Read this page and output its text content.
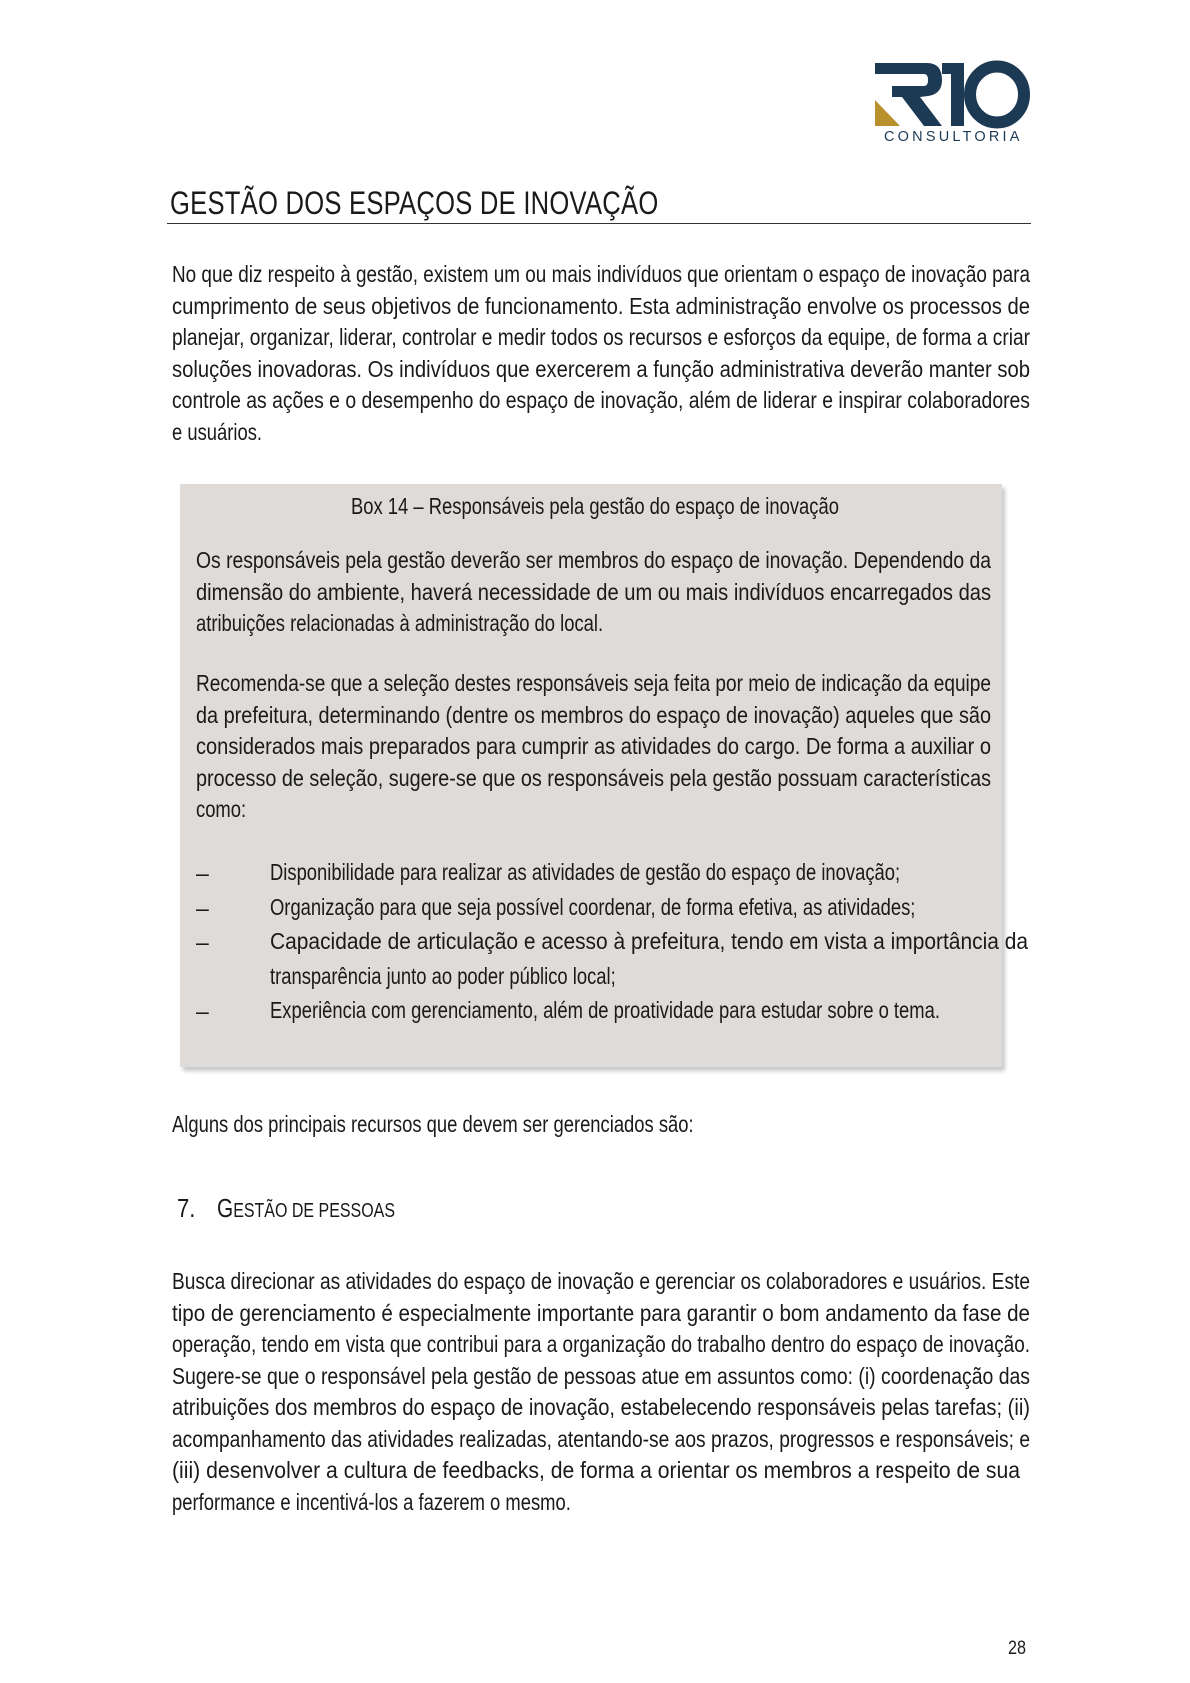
CONSULTORIA
GESTÃO DOS ESPAÇOS DE INOVAÇÃO
No que diz respeito à gestão, existem um ou mais indivíduos que orientam o espaço de inovação para
cumprimento de seus objetivos de funcionamento. Esta administração envolve os processos de
planejar, organizar, liderar, controlar e medir todos os recursos e esforços da equipe, de forma a criar
soluções inovadoras. Os indivíduos que exercerem a função administrativa deverão manter sob
controle as ações e o desempenho do espaço de inovação, além de liderar e inspirar colaboradores
e usuários.
Box 14 – Responsáveis pela gestão do espaço de inovação
Os responsáveis pela gestão deverão ser membros do espaço de inovação. Dependendo da
dimensão do ambiente, haverá necessidade de um ou mais indivíduos encarregados das
atribuições relacionadas à administração do local.
Recomenda-se que a seleção destes responsáveis seja feita por meio de indicação da equipe
da prefeitura, determinando (dentre os membros do espaço de inovação) aqueles que são
considerados mais preparados para cumprir as atividades do cargo. De forma a auxiliar o
processo de seleção, sugere-se que os responsáveis pela gestão possuam características
como:
–	Disponibilidade para realizar as atividades de gestão do espaço de inovação;
–	Organização para que seja possível coordenar, de forma efetiva, as atividades;
–	Capacidade de articulação e acesso à prefeitura, tendo em vista a importância da
transparência junto ao poder público local;
–	Experiência com gerenciamento, além de proatividade para estudar sobre o tema.
Alguns dos principais recursos que devem ser gerenciados são:
7. GESTÃO DE PESSOAS
Busca direcionar as atividades do espaço de inovação e gerenciar os colaboradores e usuários. Este
tipo de gerenciamento é especialmente importante para garantir o bom andamento da fase de
operação, tendo em vista que contribui para a organização do trabalho dentro do espaço de inovação.
Sugere-se que o responsável pela gestão de pessoas atue em assuntos como: (i) coordenação das
atribuições dos membros do espaço de inovação, estabelecendo responsáveis pelas tarefas; (ii)
acompanhamento das atividades realizadas, atentando-se aos prazos, progressos e responsáveis; e
(iii) desenvolver a cultura de feedbacks, de forma a orientar os membros a respeito de sua
performance e incentivá-los a fazerem o mesmo.
28
